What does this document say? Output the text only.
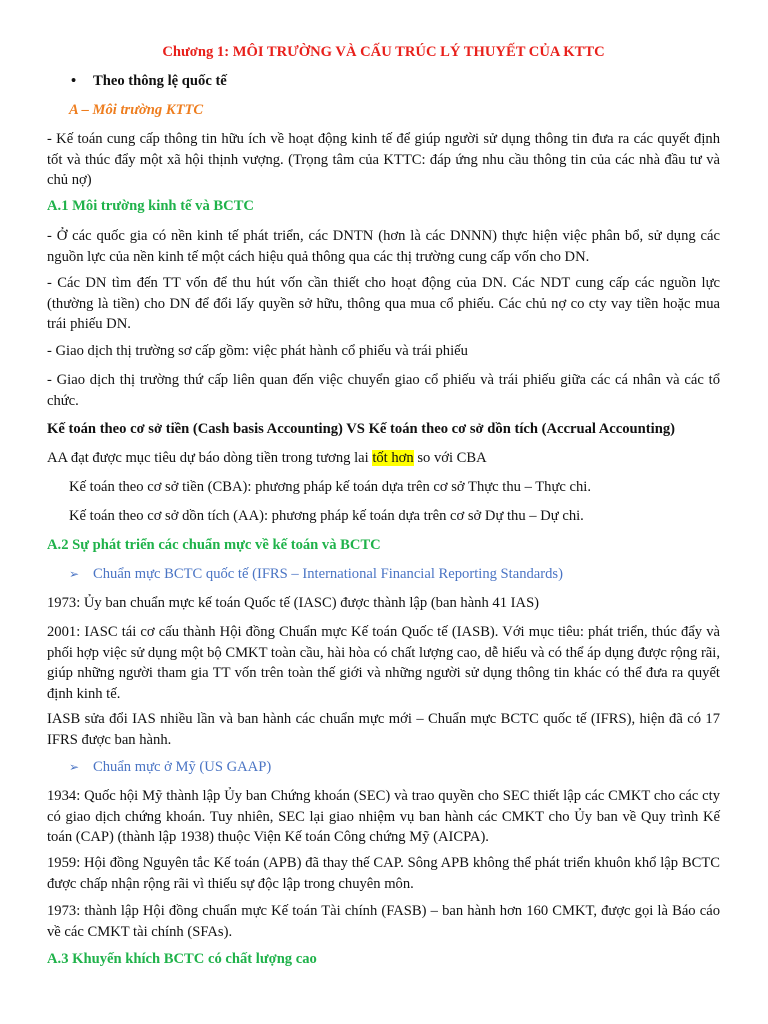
Chương 1: MÔI TRƯỜNG VÀ CẤU TRÚC LÝ THUYẾT CỦA KTTC
• Theo thông lệ quốc tế
A – Môi trường KTTC
- Kế toán cung cấp thông tin hữu ích về hoạt động kinh tế để giúp người sử dụng thông tin đưa ra các quyết định tốt và thúc đẩy một xã hội thịnh vượng. (Trọng tâm của KTTC: đáp ứng nhu cầu thông tin của các nhà đầu tư và chủ nợ)
A.1 Môi trường kinh tế và BCTC
- Ở các quốc gia có nền kinh tế phát triển, các DNTN (hơn là các DNNN) thực hiện việc phân bổ, sử dụng các nguồn lực của nền kinh tế một cách hiệu quả thông qua các thị trường cung cấp vốn cho DN.
- Các DN tìm đến TT vốn để thu hút vốn cần thiết cho hoạt động của DN. Các NDT cung cấp các nguồn lực (thường là tiền) cho DN để đổi lấy quyền sở hữu, thông qua mua cổ phiếu. Các chủ nợ co cty vay tiền hoặc mua trái phiếu DN.
- Giao dịch thị trường sơ cấp gồm: việc phát hành cổ phiếu và trái phiếu
- Giao dịch thị trường thứ cấp liên quan đến việc chuyển giao cổ phiếu và trái phiếu giữa các cá nhân và các tổ chức.
Kế toán theo cơ sở tiền (Cash basis Accounting) VS Kế toán theo cơ sở dồn tích (Accrual Accounting)
AA đạt được mục tiêu dự báo dòng tiền trong tương lai tốt hơn so với CBA
Kế toán theo cơ sở tiền (CBA): phương pháp kế toán dựa trên cơ sở Thực thu – Thực chi.
Kế toán theo cơ sở dồn tích (AA): phương pháp kế toán dựa trên cơ sở Dự thu – Dự chi.
A.2 Sự phát triển các chuẩn mực về kế toán và BCTC
➢ Chuẩn mực BCTC quốc tế (IFRS – International Financial Reporting Standards)
1973: Ủy ban chuẩn mực kế toán Quốc tế (IASC) được thành lập (ban hành 41 IAS)
2001: IASC tái cơ cấu thành Hội đồng Chuẩn mực Kế toán Quốc tế (IASB). Với mục tiêu: phát triển, thúc đẩy và phối hợp việc sử dụng một bộ CMKT toàn cầu, hài hòa có chất lượng cao, dễ hiểu và có thể áp dụng được rộng rãi, giúp những người tham gia TT vốn trên toàn thế giới và những người sử dụng thông tin khác có thể đưa ra quyết định kinh tế.
IASB sửa đổi IAS nhiều lần và ban hành các chuẩn mực mới – Chuẩn mực BCTC quốc tế (IFRS), hiện đã có 17 IFRS được ban hành.
➢ Chuẩn mực ở Mỹ (US GAAP)
1934: Quốc hội Mỹ thành lập Ủy ban Chứng khoán (SEC) và trao quyền cho SEC thiết lập các CMKT cho các cty có giao dịch chứng khoán. Tuy nhiên, SEC lại giao nhiệm vụ ban hành các CMKT cho Ủy ban về Quy trình Kế toán (CAP) (thành lập 1938) thuộc Viện Kế toán Công chứng Mỹ (AICPA).
1959: Hội đồng Nguyên tắc Kế toán (APB) đã thay thế CAP. Sông APB không thể phát triển khuôn khổ lập BCTC được chấp nhận rộng rãi vì thiếu sự độc lập trong chuyên môn.
1973: thành lập Hội đồng chuẩn mực Kế toán Tài chính (FASB) – ban hành hơn 160 CMKT, được gọi là Báo cáo về các CMKT tài chính (SFAs).
A.3 Khuyến khích BCTC có chất lượng cao
